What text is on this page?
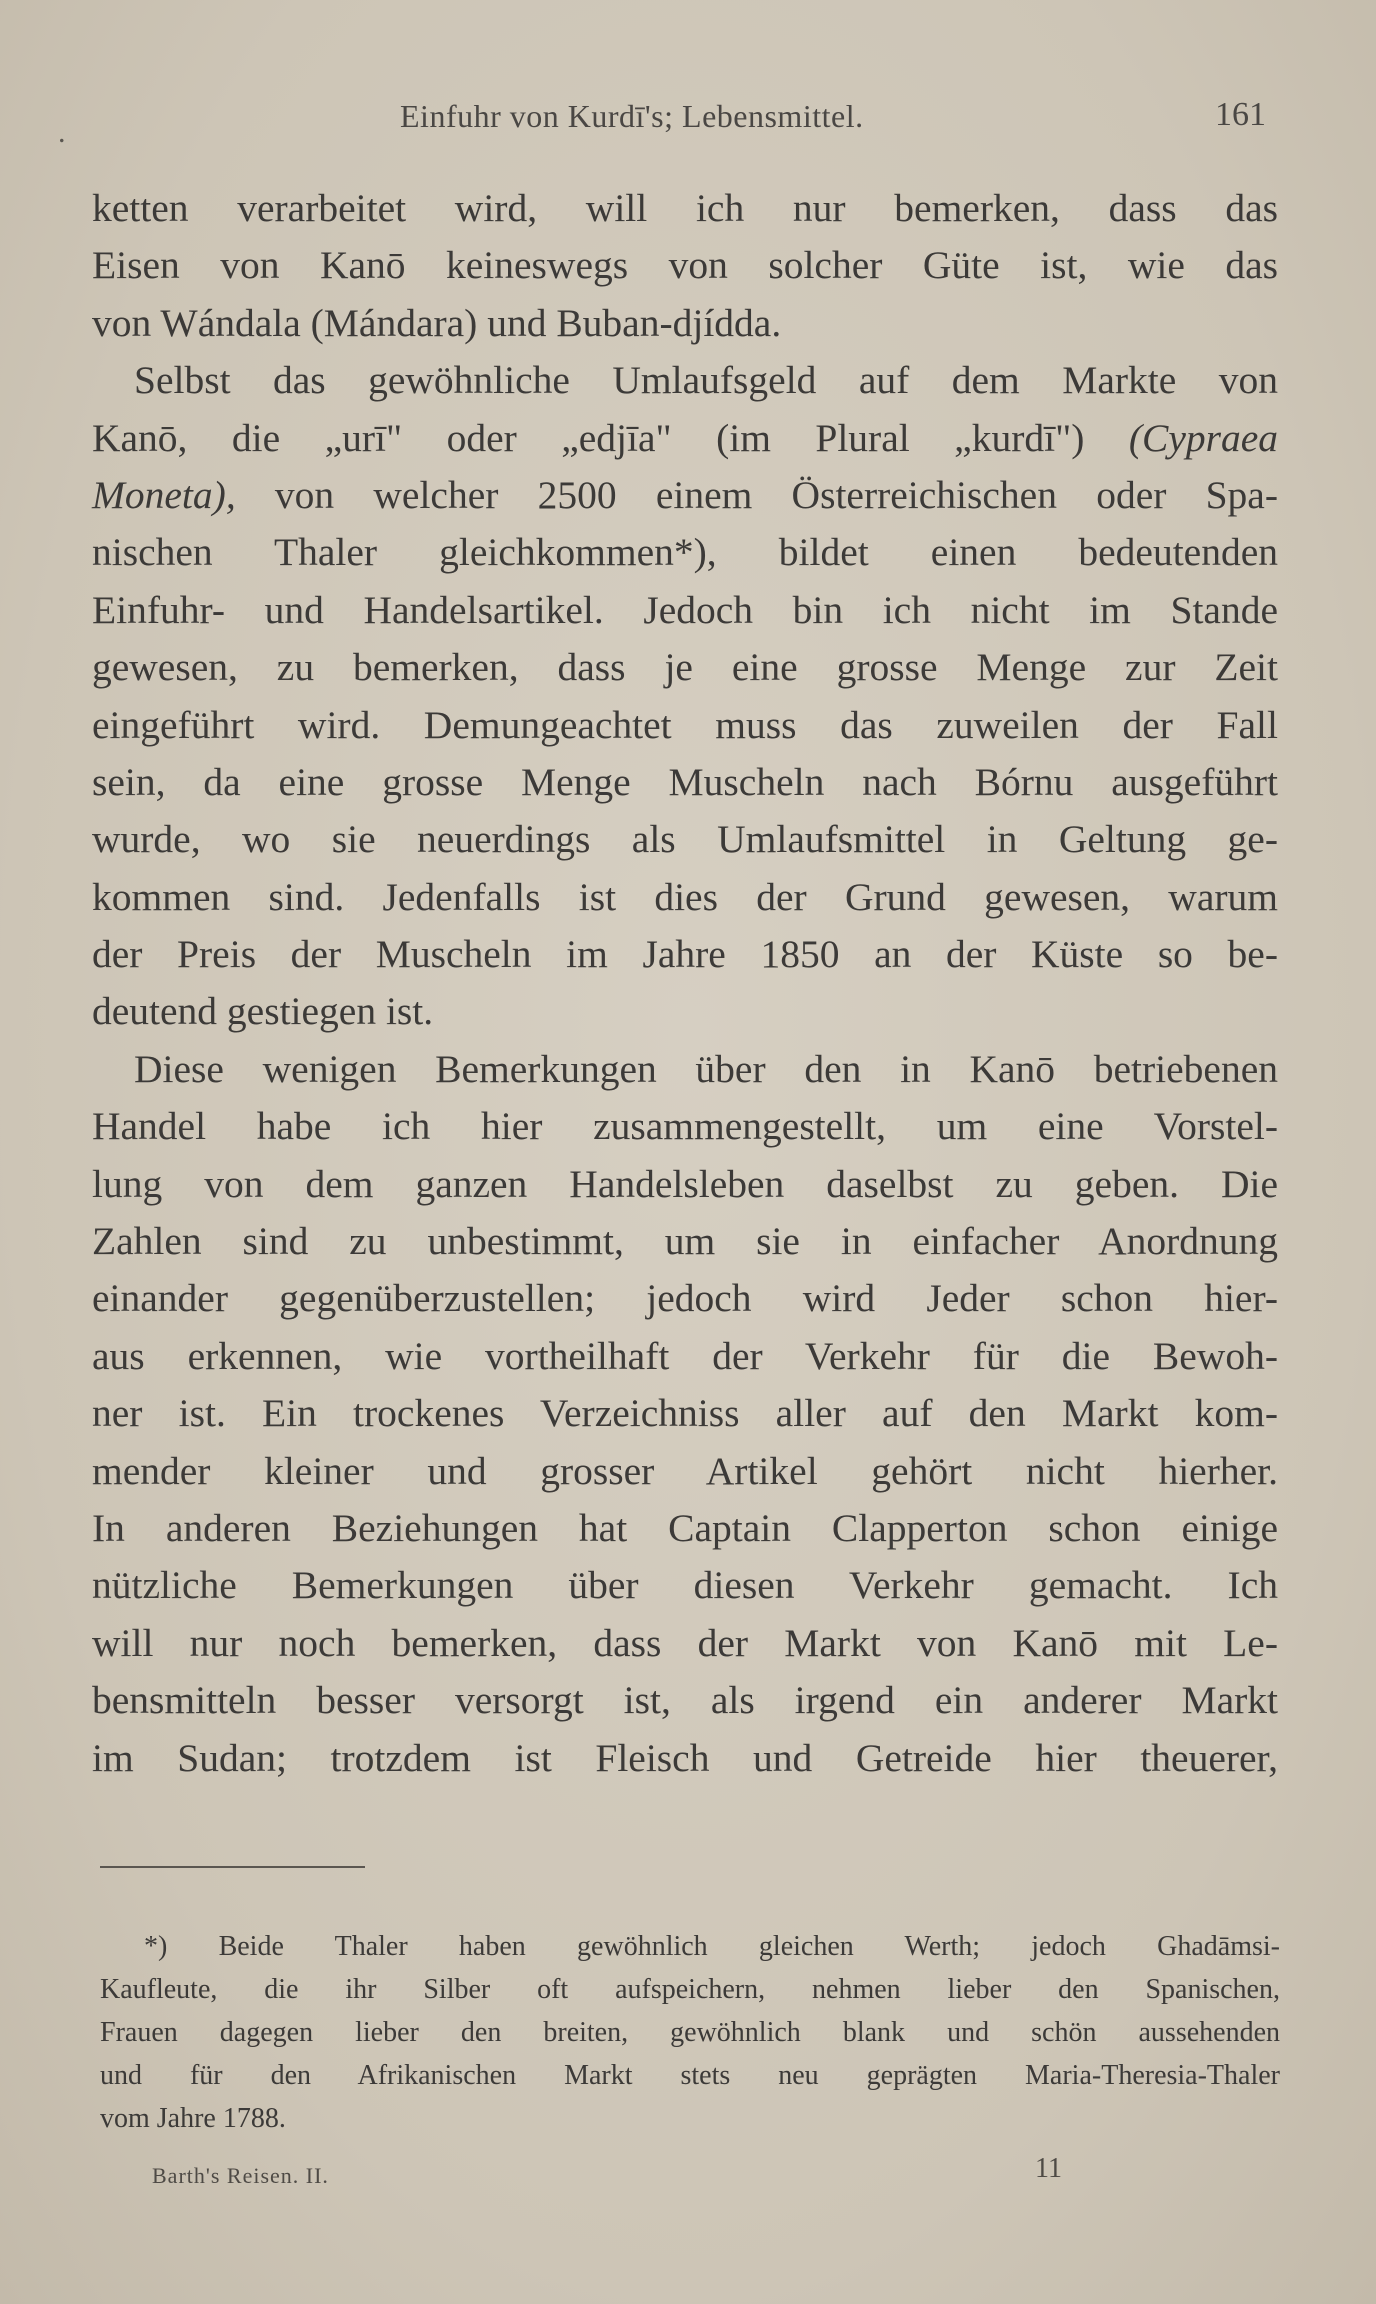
.	Einfuhr von Kurdī's; Lebensmittel.	161
ketten verarbeitet wird, will ich nur bemerken, dass das
Eisen von Kanō keineswegs von solcher Güte ist, wie das
von Wándala (Mándara) und Buban-djídda.
Selbst das gewöhnliche Umlaufsgeld auf dem Markte von
Kanō, die „urī" oder „edjīa" (im Plural „kurdī") (Cypraea
Moneta), von welcher 2500 einem Österreichischen oder Spa-
nischen Thaler gleichkommen*), bildet einen bedeutenden
Einfuhr- und Handelsartikel. Jedoch bin ich nicht im Stande
gewesen, zu bemerken, dass je eine grosse Menge zur Zeit
eingeführt wird. Demungeachtet muss das zuweilen der Fall
sein, da eine grosse Menge Muscheln nach Bórnu ausgeführt
wurde, wo sie neuerdings als Umlaufsmittel in Geltung ge-
kommen sind. Jedenfalls ist dies der Grund gewesen, warum
der Preis der Muscheln im Jahre 1850 an der Küste so be-
deutend gestiegen ist.
Diese wenigen Bemerkungen über den in Kanō betriebenen
Handel habe ich hier zusammengestellt, um eine Vorstel-
lung von dem ganzen Handelsleben daselbst zu geben. Die
Zahlen sind zu unbestimmt, um sie in einfacher Anordnung
einander gegenüberzustellen; jedoch wird Jeder schon hier-
aus erkennen, wie vortheilhaft der Verkehr für die Bewoh-
ner ist. Ein trockenes Verzeichniss aller auf den Markt kom-
mender kleiner und grosser Artikel gehört nicht hierher.
In anderen Beziehungen hat Captain Clapperton schon einige
nützliche Bemerkungen über diesen Verkehr gemacht. Ich
will nur noch bemerken, dass der Markt von Kanō mit Le-
bensmitteln besser versorgt ist, als irgend ein anderer Markt
im Sudan; trotzdem ist Fleisch und Getreide hier theuerer,
*) Beide Thaler haben gewöhnlich gleichen Werth; jedoch Ghadāmsi-
Kaufleute, die ihr Silber oft aufspeichern, nehmen lieber den Spanischen,
Frauen dagegen lieber den breiten, gewöhnlich blank und schön aussehenden
und für den Afrikanischen Markt stets neu geprägten Maria-Theresia-Thaler
vom Jahre 1788.
Barth's Reisen. II.	11
